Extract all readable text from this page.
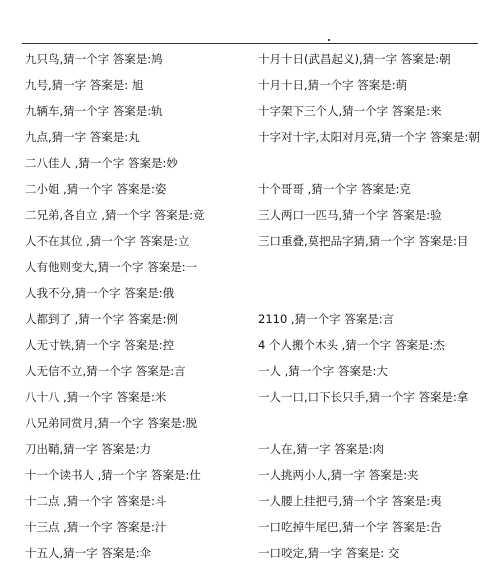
九只鸟,猜一个字 答案是:鸠
九号,猜一字 答案是: 旭
九辆车,猜一个字 答案是:轨
九点,猜一字 答案是:丸
二八佳人 ,猜一个字 答案是:妙
二小姐 ,猜一个字 答案是:姿
二兄弟,各自立 ,猜一个字 答案是:竞
人不在其位 ,猜一个字 答案是:立
人有他则变大,猜一个字 答案是:一
人我不分,猜一个字 答案是:俄
人都到了 ,猜一个字 答案是:例
人无寸铁,猜一个字 答案是:控
人无信不立,猜一个字 答案是:言
八十八 ,猜一个字 答案是:米
八兄弟同赏月,猜一个字 答案是:脱
刀出鞘,猜一字 答案是:力
十一个读书人 ,猜一个字 答案是:仕
十二点 ,猜一个字 答案是:斗
十三点 ,猜一个字 答案是:汁
十五人,猜一字 答案是:伞
十月十日(武昌起义),猜一字 答案是:朝
十月十日,猜一个字 答案是:萌
十字架下三个人,猜一个字 答案是:来
十字对十字,太阳对月亮,猜一个字 答案是:朝
十个哥哥 ,猜一个字 答案是:克
三人两口一匹马,猜一个字 答案是:验
三口重叠,莫把品字猜,猜一个字 答案是:目
2110 ,猜一个字 答案是:言
4 个人搬个木头 ,猜一个字 答案是:杰
一人 ,猜一个字 答案是:大
一人一口,口下长只手,猜一个字 答案是:拿
一人在,猜一字 答案是:肉
一人挑两小人,猜一字 答案是:夹
一人腰上挂把弓,猜一个字 答案是:夷
一口吃掉牛尾巴,猜一个字 答案是:告
一口咬定,猜一字 答案是: 交
